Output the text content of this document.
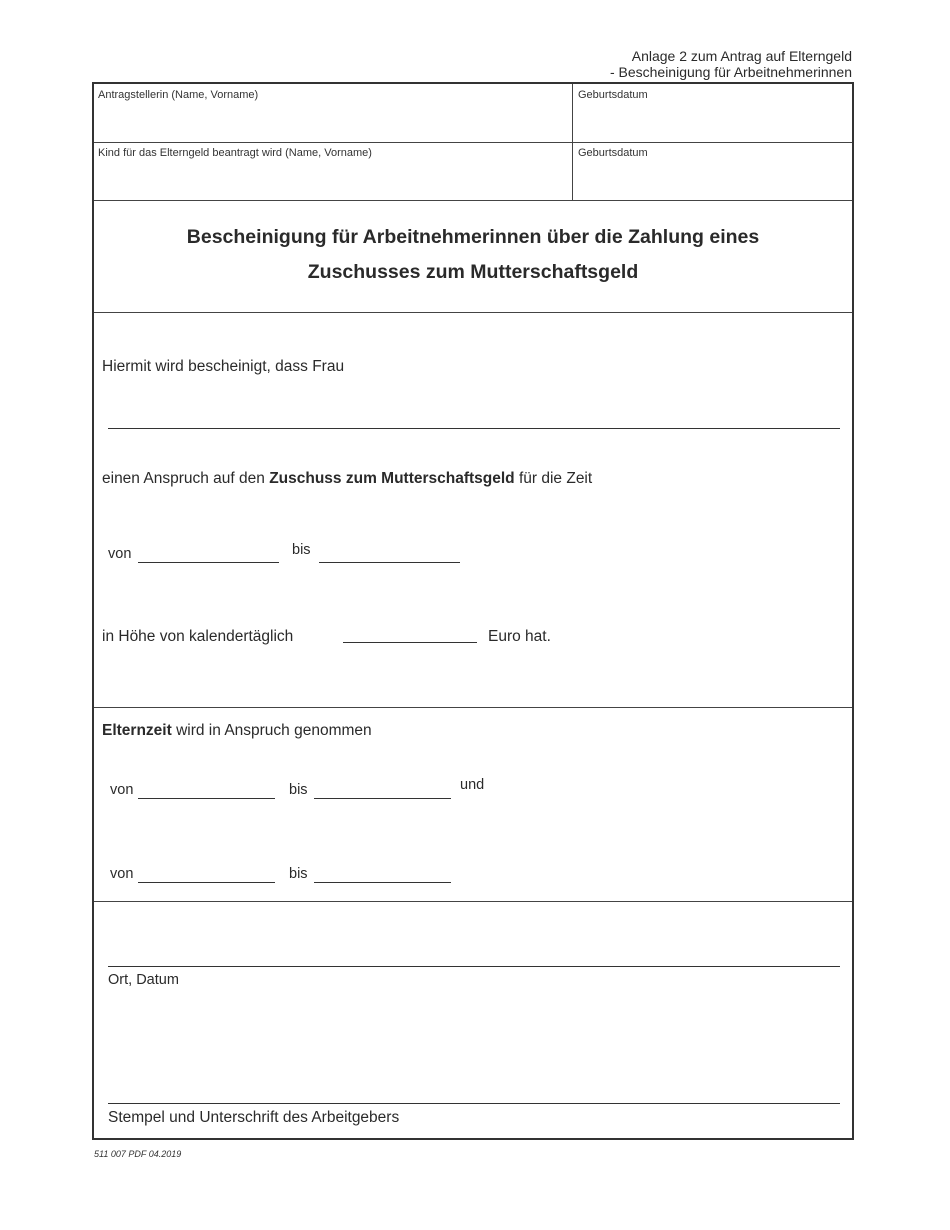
Anlage 2 zum Antrag auf Elterngeld
- Bescheinigung für Arbeitnehmerinnen
Antragstellerin (Name, Vorname)	Geburtsdatum
Kind für das Elterngeld beantragt wird (Name, Vorname)	Geburtsdatum
Bescheinigung für Arbeitnehmerinnen über die Zahlung eines
Zuschusses zum Mutterschaftsgeld
Hiermit wird bescheinigt, dass Frau
einen Anspruch auf den Zuschuss zum Mutterschaftsgeld für die Zeit
von	bis
in Höhe von kalendertäglich	Euro hat.
Elternzeit wird in Anspruch genommen
von	bis	und
von	bis
Ort, Datum
Stempel und Unterschrift des Arbeitgebers
511 007 PDF 04.2019
